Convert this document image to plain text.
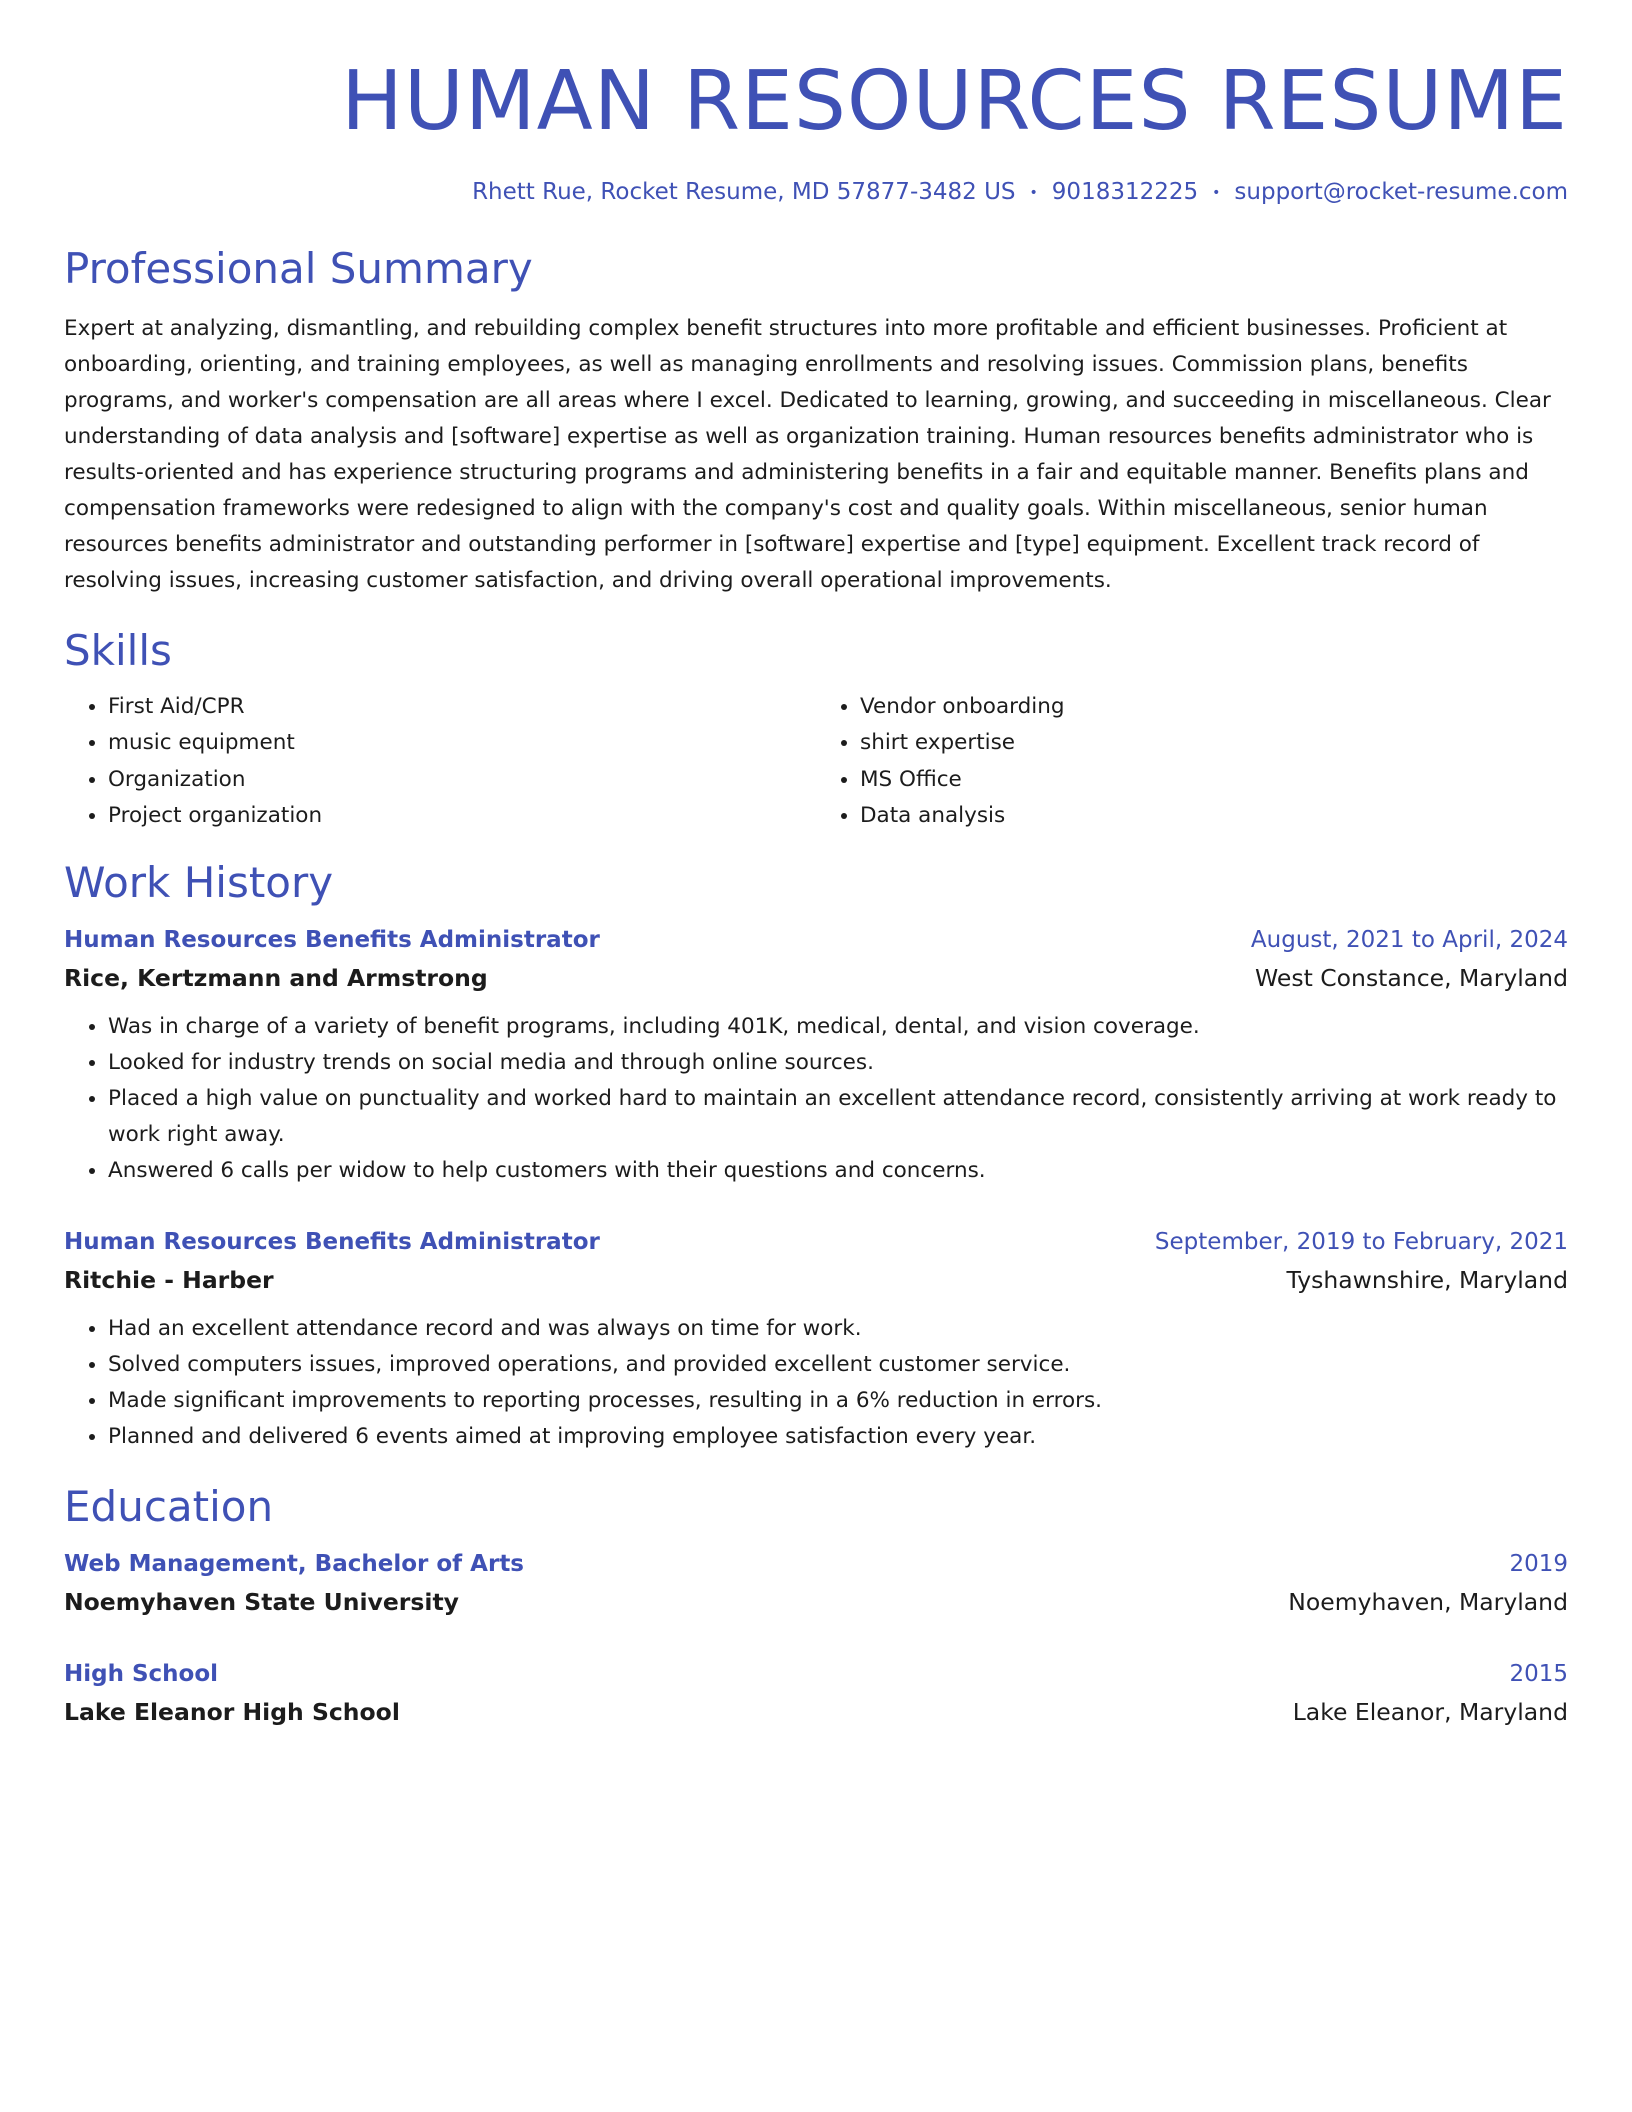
HUMAN RESOURCES RESUME
Rhett Rue, Rocket Resume, MD 57877-3482 US • 9018312225 • support@rocket-resume.com
Professional Summary

Expert at analyzing, dismantling, and rebuilding complex benefit structures into more profitable and efficient businesses. Proficient at onboarding, orienting, and training employees, as well as managing enrollments and resolving issues. Commission plans, benefits programs, and worker's compensation are all areas where I excel. Dedicated to learning, growing, and succeeding in miscellaneous. Clear understanding of data analysis and [software] expertise as well as organization training. Human resources benefits administrator who is results-oriented and has experience structuring programs and administering benefits in a fair and equitable manner. Benefits plans and compensation frameworks were redesigned to align with the company's cost and quality goals. Within miscellaneous, senior human resources benefits administrator and outstanding performer in [software] expertise and [type] equipment. Excellent track record of resolving issues, increasing customer satisfaction, and driving overall operational improvements.

Skills
• First Aid/CPR
• music equipment
• Organization
• Project organization
• Vendor onboarding
• shirt expertise
• MS Office
• Data analysis
Work History
Human Resources Benefits Administrator	August, 2021 to April, 2024
Rice, Kertzmann and Armstrong	West Constance, Maryland
• Was in charge of a variety of benefit programs, including 401K, medical, dental, and vision coverage.
• Looked for industry trends on social media and through online sources.
• Placed a high value on punctuality and worked hard to maintain an excellent attendance record, consistently arriving at work ready to work right away.
• Answered 6 calls per widow to help customers with their questions and concerns.
Human Resources Benefits Administrator	September, 2019 to February, 2021
Ritchie - Harber	Tyshawnshire, Maryland
• Had an excellent attendance record and was always on time for work.
• Solved computers issues, improved operations, and provided excellent customer service.
• Made significant improvements to reporting processes, resulting in a 6% reduction in errors.
• Planned and delivered 6 events aimed at improving employee satisfaction every year.
Education
Web Management, Bachelor of Arts	2019
Noemyhaven State University	Noemyhaven, Maryland
High School	2015
Lake Eleanor High School	Lake Eleanor, Maryland
